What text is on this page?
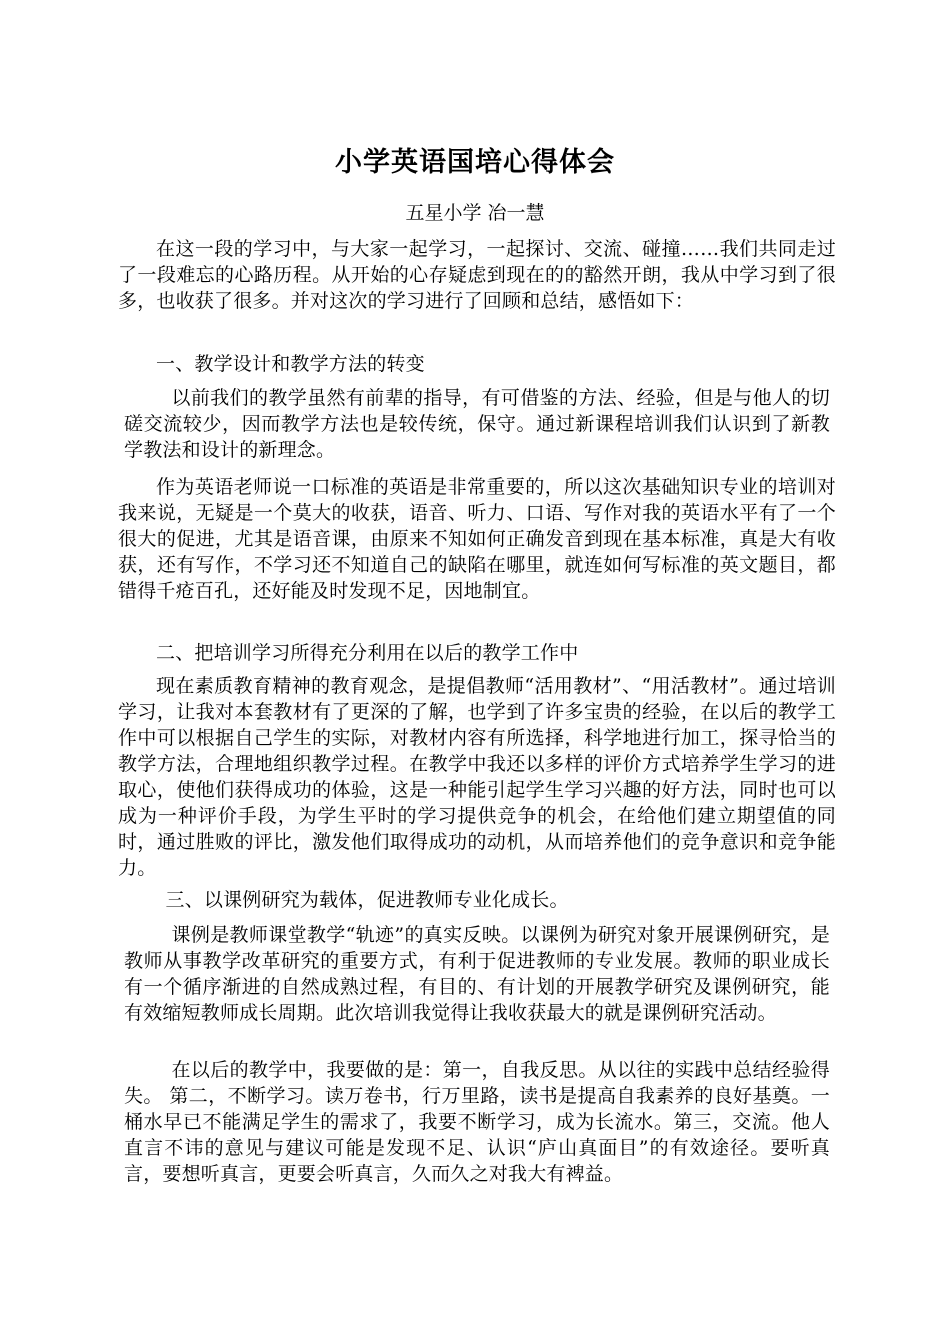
小学英语国培心得体会

五星小学 冶一慧

在这一段的学习中，与大家一起学习，一起探讨、交流、碰撞……我们共同走过了一段难忘的心路历程。从开始的心存疑虑到现在的的豁然开朗，我从中学习到了很多，也收获了很多。并对这次的学习进行了回顾和总结，感悟如下：

一、教学设计和教学方法的转变

以前我们的教学虽然有前辈的指导，有可借鉴的方法、经验，但是与他人的切磋交流较少，因而教学方法也是较传统，保守。通过新课程培训我们认识到了新教学教法和设计的新理念。

作为英语老师说一口标准的英语是非常重要的，所以这次基础知识专业的培训对我来说，无疑是一个莫大的收获，语音、听力、口语、写作对我的英语水平有了一个很大的促进，尤其是语音课，由原来不知如何正确发音到现在基本标准，真是大有收获，还有写作，不学习还不知道自己的缺陷在哪里，就连如何写标准的英文题目，都错得千疮百孔，还好能及时发现不足，因地制宜。

二、把培训学习所得充分利用在以后的教学工作中

现在素质教育精神的教育观念，是提倡教师“活用教材”、“用活教材”。通过培训学习，让我对本套教材有了更深的了解，也学到了许多宝贵的经验，在以后的教学工作中可以根据自己学生的实际，对教材内容有所选择，科学地进行加工，探寻恰当的教学方法，合理地组织教学过程。在教学中我还以多样的评价方式培养学生学习的进取心，使他们获得成功的体验，这是一种能引起学生学习兴趣的好方法，同时也可以成为一种评价手段，为学生平时的学习提供竞争的机会，在给他们建立期望值的同时，通过胜败的评比，激发他们取得成功的动机，从而培养他们的竞争意识和竞争能力。

三、以课例研究为载体，促进教师专业化成长。

课例是教师课堂教学“轨迹”的真实反映。以课例为研究对象开展课例研究，是教师从事教学改革研究的重要方式，有利于促进教师的专业发展。教师的职业成长有一个循序渐进的自然成熟过程，有目的、有计划的开展教学研究及课例研究，能有效缩短教师成长周期。此次培训我觉得让我收获最大的就是课例研究活动。

在以后的教学中，我要做的是：第一，自我反思。从以往的实践中总结经验得失。 第二，不断学习。读万卷书，行万里路，读书是提高自我素养的良好基奠。一桶水早已不能满足学生的需求了，我要不断学习，成为长流水。第三，交流。他人直言不讳的意见与建议可能是发现不足、认识“庐山真面目”的有效途径。要听真言，要想听真言，更要会听真言，久而久之对我大有裨益。
